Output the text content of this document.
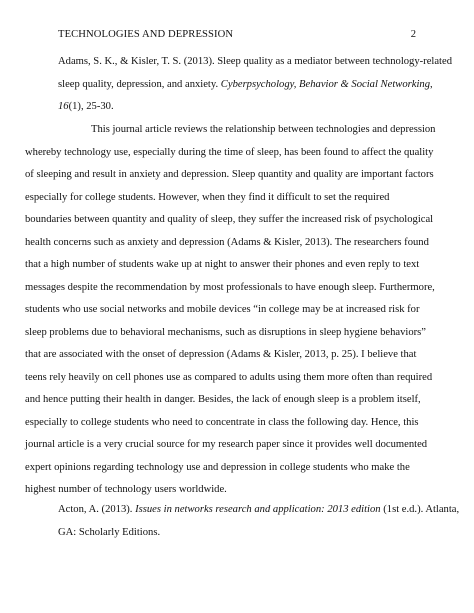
TECHNOLOGIES AND DEPRESSION	2

Adams, S. K., & Kisler, T. S. (2013). Sleep quality as a mediator between technology-related
sleep quality, depression, and anxiety. Cyberpsychology, Behavior & Social Networking,
16(1), 25-30.

This journal article reviews the relationship between technologies and depression
whereby technology use, especially during the time of sleep, has been found to affect the quality
of sleeping and result in anxiety and depression. Sleep quantity and quality are important factors
especially for college students. However, when they find it difficult to set the required
boundaries between quantity and quality of sleep, they suffer the increased risk of psychological
health concerns such as anxiety and depression (Adams & Kisler, 2013). The researchers found
that a high number of students wake up at night to answer their phones and even reply to text
messages despite the recommendation by most professionals to have enough sleep. Furthermore,
students who use social networks and mobile devices “in college may be at increased risk for
sleep problems due to behavioral mechanisms, such as disruptions in sleep hygiene behaviors”
that are associated with the onset of depression (Adams & Kisler, 2013, p. 25). I believe that
teens rely heavily on cell phones use as compared to adults using them more often than required
and hence putting their health in danger. Besides, the lack of enough sleep is a problem itself,
especially to college students who need to concentrate in class the following day. Hence, this
journal article is a very crucial source for my research paper since it provides well documented
expert opinions regarding technology use and depression in college students who make the
highest number of technology users worldwide.

Acton, A. (2013). Issues in networks research and application: 2013 edition (1st e.d.). Atlanta,
GA: Scholarly Editions.
